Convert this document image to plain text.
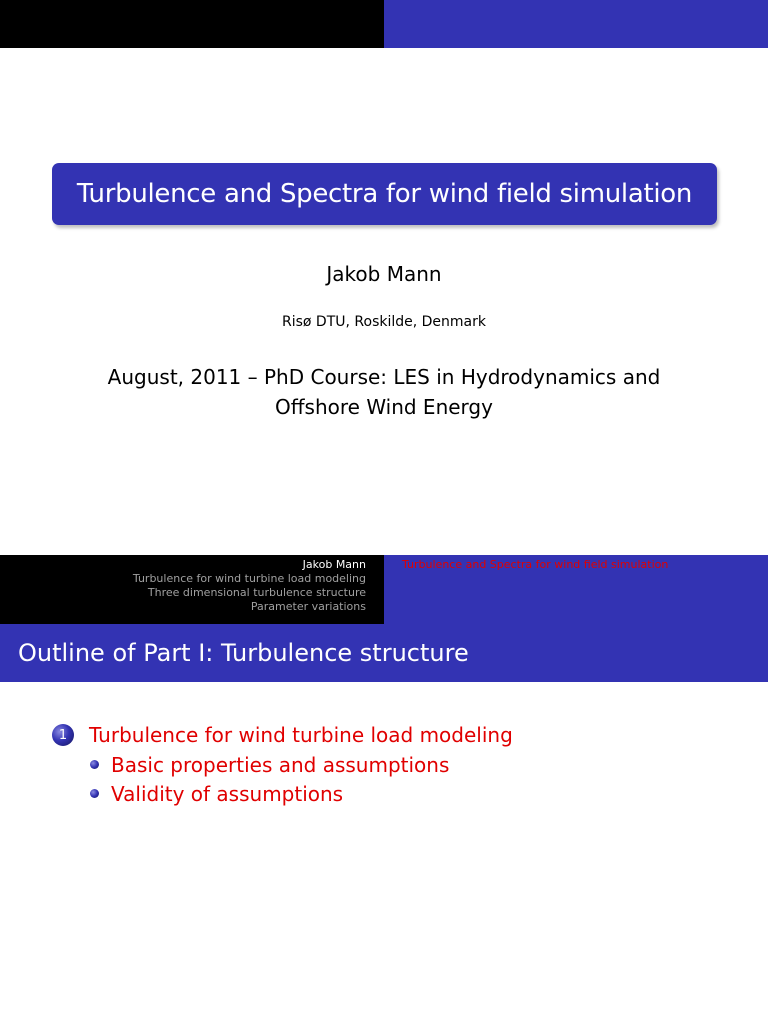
Turbulence and Spectra for wind field simulation
Jakob Mann
Risø DTU, Roskilde, Denmark
August, 2011 – PhD Course: LES in Hydrodynamics and
Offshore Wind Energy
Jakob Mann
Turbulence for wind turbine load modeling
Three dimensional turbulence structure
Parameter variations
Turbulence and Spectra for wind field simulation
Outline of Part I: Turbulence structure
1	Turbulence for wind turbine load modeling
Basic properties and assumptions
Validity of assumptions
